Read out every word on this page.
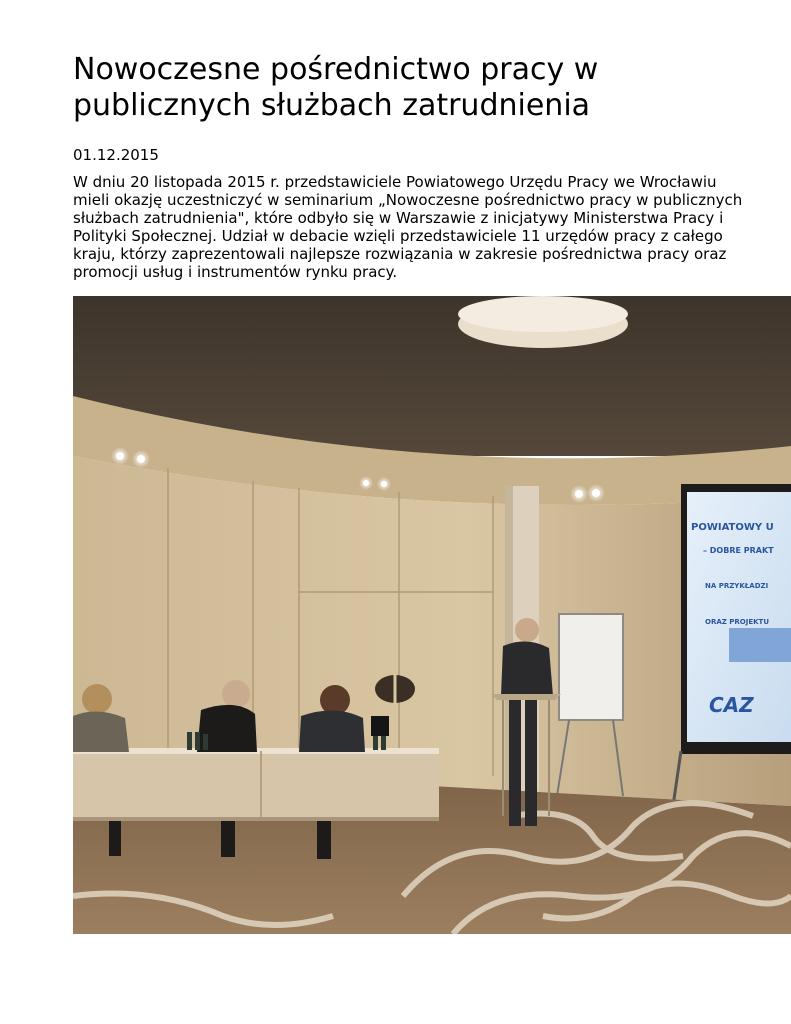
Nowoczesne pośrednictwo pracy w publicznych służbach zatrudnienia
01.12.2015

W dniu 20 listopada 2015 r. przedstawiciele Powiatowego Urzędu Pracy we Wrocławiu mieli okazję uczestniczyć w seminarium „Nowoczesne pośrednictwo pracy w publicznych służbach zatrudnienia", które odbyło się w Warszawie z inicjatywy Ministerstwa Pracy i Polityki Społecznej. Udział w debacie wzięli przedstawiciele 11 urzędów pracy z całego kraju, którzy zaprezentowali najlepsze rozwiązania w zakresie pośrednictwa pracy oraz promocji usług i instrumentów rynku pracy.

POWIATOWY U
– DOBRE PRAKT
NA PRZYKŁADZI
ORAZ PROJEKTU
CAZ
